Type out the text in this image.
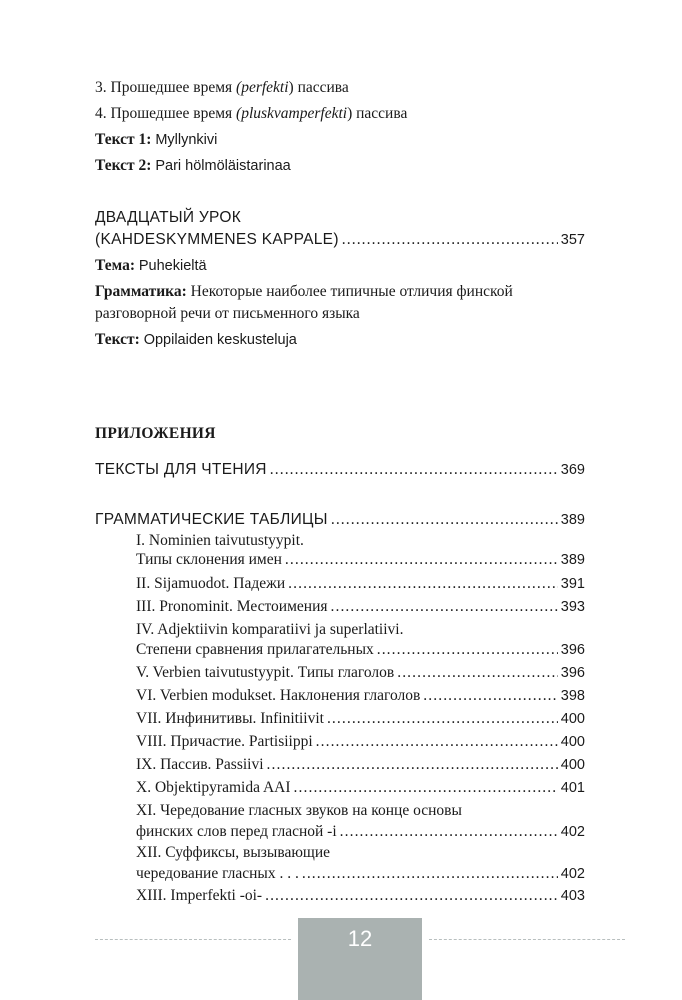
3. Прошедшее время (perfekti) пассива
4. Прошедшее время (pluskvamperfekti) пассива
Текст 1: Myllynkivi
Текст 2: Pari hölmöläistarinaa
ДВАДЦАТЫЙ УРОК
(KAHDESKYMMENES KAPPALE) .....	357
Тема: Puhekieltä
Грамматика: Некоторые наиболее типичные отличия финской
разговорной речи от письменного языка
Текст: Oppilaiden keskusteluja
ПРИЛОЖЕНИЯ
ТЕКСТЫ ДЛЯ ЧТЕНИЯ .....	369
ГРАММАТИЧЕСКИЕ ТАБЛИЦЫ .....	389
I. Nominien taivutustyypit.
Типы склонения имен .....	389
II. Sijamuodot. Падежи .....	391
III. Pronominit. Местоимения .....	393
IV. Adjektiivin komparatiivi ja superlatiivi.
Степени сравнения прилагательных .....	396
V. Verbien taivutustyypit. Типы глаголов .....	396
VI. Verbien modukset. Наклонения глаголов .....	398
VII. Инфинитивы. Infinitiivit .....	400
VIII. Причастие. Partisiippi .....	400
IX. Пассив. Passiivi .....	400
X. Objektipyramida AAI .....	401
XI. Чередование гласных звуков на конце основы
финских слов перед гласной -i .....	402
XII. Суффиксы, вызывающие
чередование гласных . . . .....	402
XIII. Imperfekti -oi- .....	403
12
